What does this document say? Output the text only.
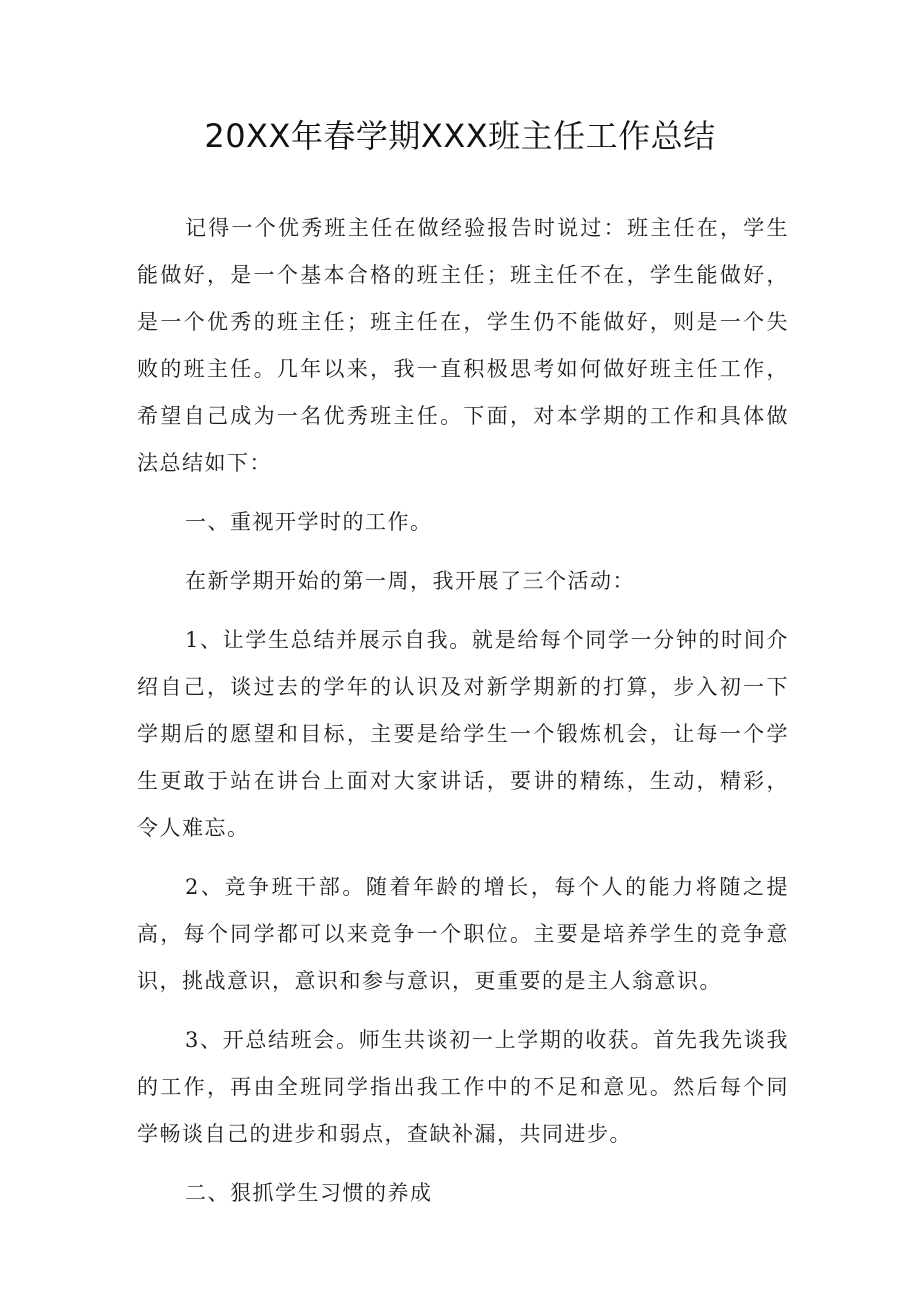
20XX年春学期XXX班主任工作总结

记得一个优秀班主任在做经验报告时说过：班主任在，学生能做好，是一个基本合格的班主任；班主任不在，学生能做好，是一个优秀的班主任；班主任在，学生仍不能做好，则是一个失败的班主任。几年以来，我一直积极思考如何做好班主任工作，希望自己成为一名优秀班主任。下面，对本学期的工作和具体做法总结如下：

一、重视开学时的工作。

在新学期开始的第一周，我开展了三个活动：

1、让学生总结并展示自我。就是给每个同学一分钟的时间介绍自己，谈过去的学年的认识及对新学期新的打算，步入初一下学期后的愿望和目标，主要是给学生一个锻炼机会，让每一个学生更敢于站在讲台上面对大家讲话，要讲的精练，生动，精彩，令人难忘。

2、竞争班干部。随着年龄的增长，每个人的能力将随之提高，每个同学都可以来竞争一个职位。主要是培养学生的竞争意识，挑战意识，意识和参与意识，更重要的是主人翁意识。

3、开总结班会。师生共谈初一上学期的收获。首先我先谈我的工作，再由全班同学指出我工作中的不足和意见。然后每个同学畅谈自己的进步和弱点，查缺补漏，共同进步。

二、狠抓学生习惯的养成
